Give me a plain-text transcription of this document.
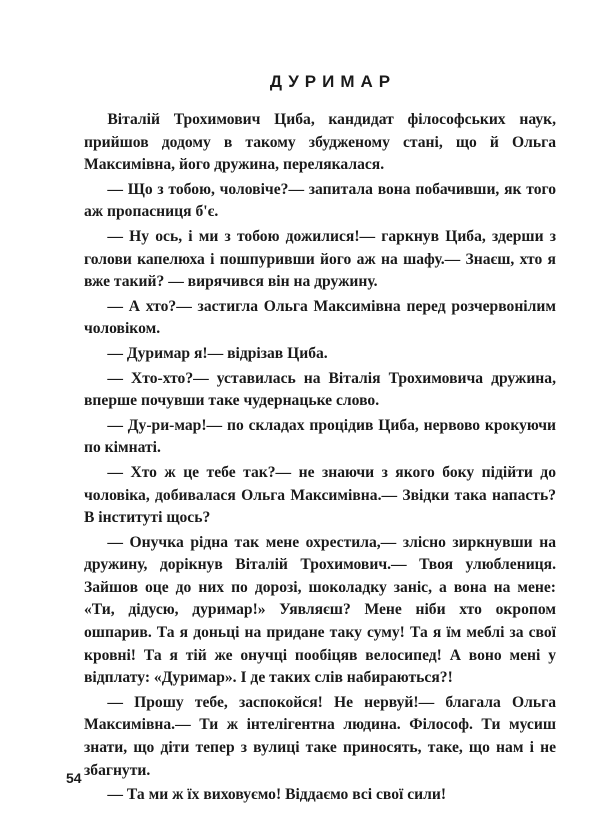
ДУРИМАР

Віталій Трохимович Циба, кандидат філософських наук, прийшов додому в такому збудженому стані, що й Ольга Максимівна, його дружина, перелякалася.

— Що з тобою, чоловіче?— запитала вона побачивши, як того аж пропасниця б'є.

— Ну ось, і ми з тобою дожилися!— гаркнув Циба, здерши з голови капелюха і пошпуривши його аж на шафу.— Знаєш, хто я вже такий? — вирячився він на дружину.

— А хто?— застигла Ольга Максимівна перед розчервонілим чоловіком.

— Дуримар я!— відрізав Циба.

— Хто-хто?— уставилась на Віталія Трохимовича дружина, вперше почувши таке чудернацьке слово.

— Ду-ри-мар!— по складах процідив Циба, нервово крокуючи по кімнаті.

— Хто ж це тебе так?— не знаючи з якого боку підійти до чоловіка, добивалася Ольга Максимівна.— Звідки така напасть? В інституті щось?

— Онучка рідна так мене охрестила,— злісно зиркнувши на дружину, дорікнув Віталій Трохимович.— Твоя улюблениця. Зайшов оце до них по дорозі, шоколадку заніс, а вона на мене: «Ти, дідусю, дуримар!» Уявляєш? Мене ніби хто окропом ошпарив. Та я доньці на придане таку суму! Та я їм меблі за свої кровні! Та я тій же онучці пообіцяв велосипед! А воно мені у відплату: «Дуримар». І де таких слів набираються?!

— Прошу тебе, заспокойся! Не нервуй!— благала Ольга Максимівна.— Ти ж інтелігентна людина. Філософ. Ти мусиш знати, що діти тепер з вулиці таке приносять, таке, що нам і не збагнути.

— Та ми ж їх виховуємо! Віддаємо всі свої сили!

54
